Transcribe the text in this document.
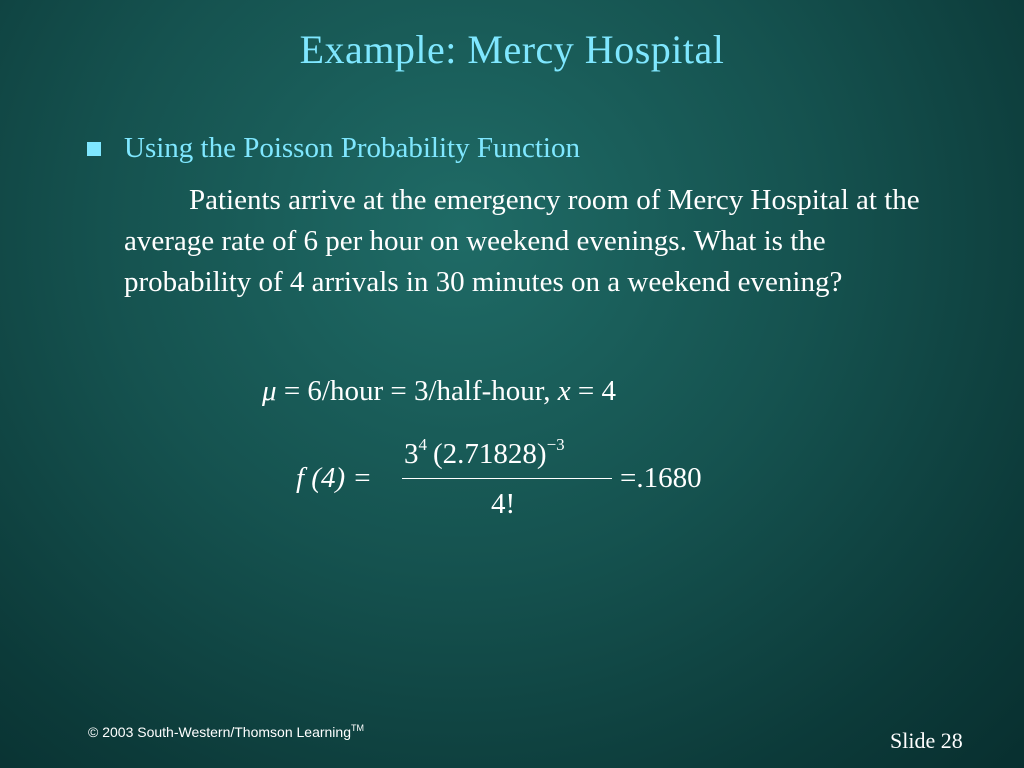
Example: Mercy Hospital
Using the Poisson Probability Function
Patients arrive at the emergency room of Mercy Hospital at the average rate of 6 per hour on weekend evenings. What is the probability of 4 arrivals in 30 minutes on a weekend evening?
μ = 6/hour = 3/half-hour, x = 4
f (4) =
$3^4$ $(2.71828)^{-3}$
4!
=.1680
© 2003 South-Western/Thomson Learning™	Slide 28
